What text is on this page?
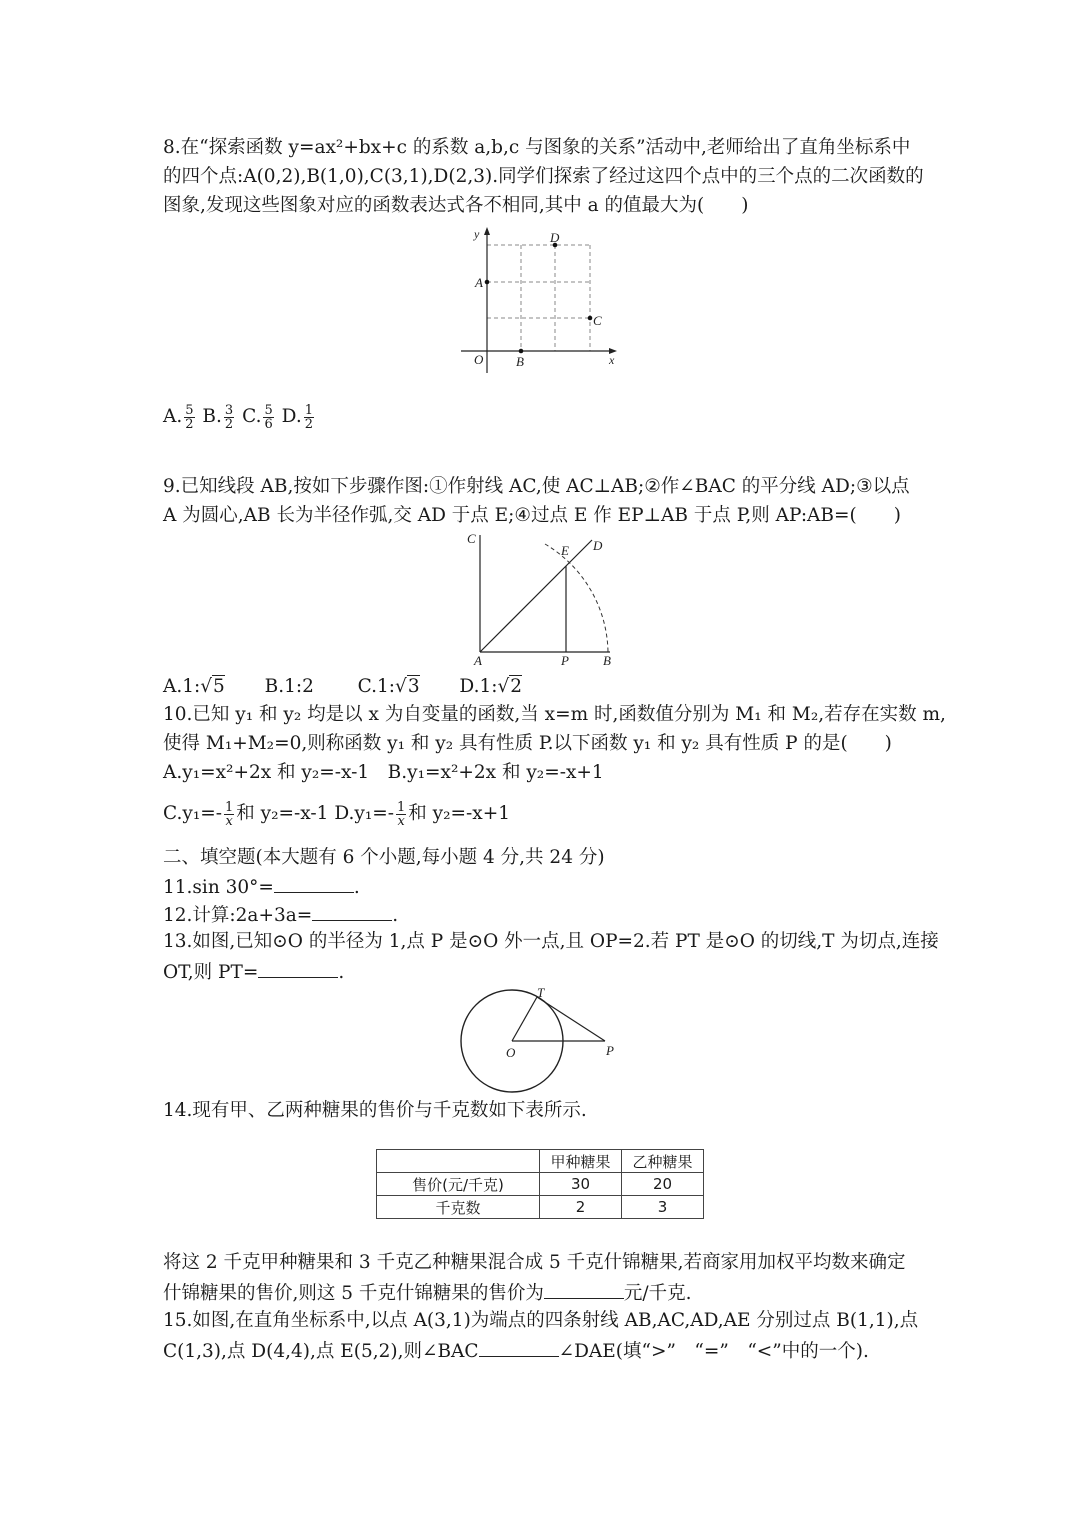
8.在“探索函数 y=ax²+bx+c 的系数 a,b,c 与图象的关系”活动中,老师给出了直角坐标系中
的四个点:A(0,2),B(1,0),C(3,1),D(2,3).同学们探索了经过这四个点中的三个点的二次函数的
图象,发现这些图象对应的函数表达式各不相同,其中 a 的值最大为(　　)
y
x
O
A
B
C
D
A. $\frac{5}{2} B$. $\frac{3}{2} C$. $\frac{5}{6} D$. $\frac{1}{2}$
9.已知线段 AB,按如下步骤作图:①作射线 AC,使 AC⊥AB;②作∠BAC 的平分线 AD;③以点
A 为圆心,AB 长为半径作弧,交 AD 于点 E;④过点 E 作 EP⊥AB 于点 P,则 AP:AB=(　　)
C
E D
A	P	B
A.1:√5 B.1:2 C.1:√3 D.1:√2
10.已知 y₁ 和 y₂ 均是以 x 为自变量的函数,当 x=m 时,函数值分别为 M₁ 和 M₂,若存在实数 m,
使得 M₁+M₂=0,则称函数 y₁ 和 y₂ 具有性质 P.以下函数 y₁ 和 y₂ 具有性质 P 的是(　　)
A.y₁=x²+2x 和 y₂=-x-1　B.y₁=x²+2x 和 y₂=-x+1
$C.y_1=- \frac{1}{x}$ 和 y₂=-x-1 $D.y_1=- \frac{1}{x}$ 和 y₂=-x+1
二、填空题(本大题有 6 个小题,每小题 4 分,共 24 分)
11.sin 30°=	.
12.计算:2a+3a=	.
13.如图,已知⊙O 的半径为 1,点 P 是⊙O 外一点,且 OP=2.若 PT 是⊙O 的切线,T 为切点,连接
OT,则 PT=	.
T
O	P
14.现有甲、乙两种糖果的售价与千克数如下表所示.
	甲种糖果	乙种糖果
售价(元/千克)	30	20
千克数	2	3
将这 2 千克甲种糖果和 3 千克乙种糖果混合成 5 千克什锦糖果,若商家用加权平均数来确定
什锦糖果的售价,则这 5 千克什锦糖果的售价为	元/千克.
15.如图,在直角坐标系中,以点 A(3,1)为端点的四条射线 AB,AC,AD,AE 分别过点 B(1,1),点
C(1,3),点 D(4,4),点 E(5,2),则∠BAC	∠DAE(填“>”　“=”　“<”中的一个).
